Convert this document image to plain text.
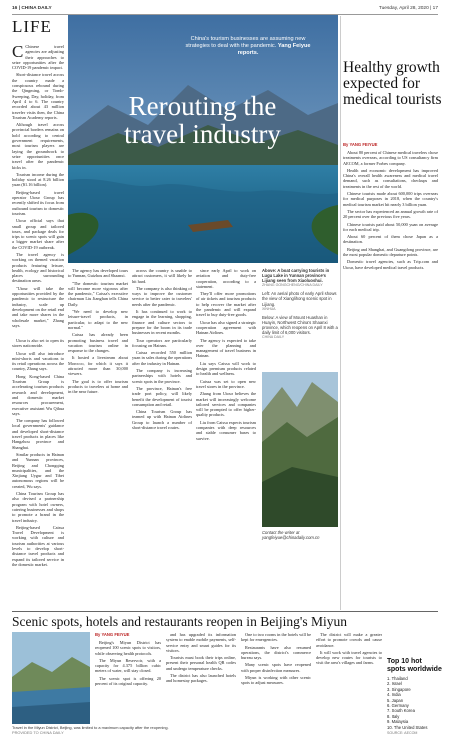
16 | CHINA DAILY	Tuesday, April 28, 2020 | 17
LIFE
China's tourism businesses are assuming new strategies to deal with the pandemic. Yang Feiyue reports.
Rerouting the travel industry

C Chinese travel agencies are adjusting their approaches to seize opportunities after the COVID-19 pandemic impact.

Short-distance travel across the country made a conspicuous rebound during the Qingming, or Tomb-Sweeping, Day, holiday, from April 4 to 6. The country recorded about 43 million traveler visits then, the China Tourism Academy reports.

Although travel across provincial borders remains on hold according to central government requirements, most tourism players are laying the groundwork to seize opportunities once travel after the pandemic kicks in.

Tourism income during the holiday stood at 8.26 billion yuan ($1.16 billion).

Beijing-based travel operator Utour Group has recently shifted its focus from outbound tourism to domestic tourism.

Utour official says that small group and tailored tours, and package deals for trips to scenic spots will gain a bigger market share after the COVID-19 outbreak.

The travel agency is working on themed vacation products featuring leisure, health, ecology and historical places surrounding destination areas.

"Utour will take the opportunities provided by the pandemic to restructure the industry, scale up development on the retail end and take more shares in the wholesale market," Zhang says.

Utour is also set to open its stores nationwide.

Utour will also introduce mini-shorts and vacations to its retail operations across the country, Zhang says.

Hong Kong-based China Tourism Group is accelerating tourism products research and development, and domestic market resources procurement, executive assistant Wu Qihua says.

The company has followed local governments' guidance and developed short-distance travel products in places like Hangzhou province and Shanghai.

Similar products in Hainan and Yunnan provinces, Beijing and Chongqing municipalities, and the Xinjiang Uygur and Tibet autonomous regions will be created, Wu says.

China Tourism Group has also devised a partnership program with hotel owners, catering businesses and shops to promote a brand in the travel industry.

Beijing-based Caissa Travel Development is working with culture and tourism authorities at various levels to develop short-distance travel products and expand its tailored service in the domestic market.

The agency has developed tours to Yunnan, Guizhou and Shaanxi.

"The domestic tourism market will become more vigorous after the pandemic," Caissa's executive chairman Liu Jianghan tells China Daily.

"We need to develop new leisure-travel products, in particular, to adapt to the new normal."

Caissa has already been promoting business travel and vacation tourism online in response to the changes.

It hosted a livestream about Morocco, for which it says it attracted more than 30,000 viewers.

The goal is to offer tourism products to travelers at home and in the near future.

across the country is unable to attract customers, it will likely be hit hard.

The company is also thinking of ways to improve the customer service to better cater to travelers' needs after the pandemic.

It has continued to work to engage in the learning, shopping, finance and culture sectors to prepare for the boom in its trade businesses in recent months.

Tour operators are particularly focusing on Hainan.

Caissa recorded 550 million yuan in sales during the operations after the industry in Hainan.

The company is increasing partnerships with hotels and scenic spots in the province.

The province, Hainan's free trade port policy, will likely benefit the development of tourist consumption and retail.

China Tourism Group has teamed up with Hainan Airlines Group to launch a number of short-distance travel routes.

since early April to work on aviation and duty-free cooperation, according to a statement.

They'll offer more promotions of air tickets and tourism products to help recover the market after the pandemic and will expand travel to buy duty-free goods.

Utour has also signed a strategic cooperation agreement with Hainan Airlines.

The agency is expected to take over the planning and management of travel business in Hainan.

Liu says Caissa will work to design premium products related to health and wellness.

Caissa was set to open new travel stores in the province.

Zhang from Utour believes the market will increasingly welcome tailored services and companies will be prompted to offer higher-quality products.

Liu from Caissa expects tourism companies with deep resources and stable consumer bases to survive.

Above: A boat carrying tourists in Lugu Lake in Yunnan province's Lijiang seen from Xiaoluoshui.
ZHANG GONGCHENG/CHINA DAILY
Left: An aerial photo of early April shows the view of Xianglihong scenic spot in Lijiang.
XINHUA
Below: A view of Mount Huashan in Huayin, Northwest China's Shaanxi province, which reopens on April 8 with a daily limit of 6,000 visitors.
CHINA DAILY
Contact the writer at yangfeiyue@chinadaily.com.cn
Healthy growth expected for medical tourists
By YANG FEIYUE

About 80 percent of Chinese medical travelers chose treatments overseas, according to US consultancy firm AECOM, a former Forbes company.

Health and economic development has improved China's overall health awareness and medical travel demand, such as consultations, checkups and treatments in the rest of the world.

Chinese tourists made about 600,000 trips overseas for medical purposes in 2018, when the country's medical tourism market hit nearly 3 billion yuan.

The sector has experienced an annual growth rate of 20 percent over the previous five years.

Chinese tourists paid about 50,000 yuan on average for each medical trip.

About 60 percent of them chose Japan as a destination.

Beijing and Shanghai, and Guangdong province, are the most popular domestic departure points.

Domestic travel agencies, such as Trip.com and Utour, have developed medical travel products.

Top 10 hot spots worldwide
1. Thailand
2. Israel
3. Singapore
4. India
5. Japan
6. Germany
7. South Korea
8. Italy
9. Malaysia
10. The United States
SOURCE: AECOM
Scenic spots, hotels and restaurants reopen in Beijing's Miyun
Travel in the Miyun District, Beijing, was limited to a maximum capacity after the reopening. PROVIDED TO CHINA DAILY
By YANG FEIYUE

Beijing's Miyun District has reopened 100 scenic spots to visitors, while observing health protocols.

The Miyun Reservoir, with a capacity for 4.375 billion cubic meters of water, will stay closed.

The scenic spot is offering 20 percent of its original capacity.

and has upgraded its information system to enable mobile payments, self-service entry and smart guides for its visitors.

Tourists must book their trips online, present their personal health QR codes and undergo temperature checks.

The district has also launched hotels and homestay packages.

One to two rooms in the hotels will be kept for emergencies.

Restaurants have also resumed operations, the district's commerce bureau says.

Many scenic spots have reopened with proper disinfection measures.

Miyun is working with other scenic spots to adjust measures.

The district will make a greater effort to promote crowds and cause avoidance.

It will work with travel agencies to develop new routes for tourists to visit the area's villages and farms.
